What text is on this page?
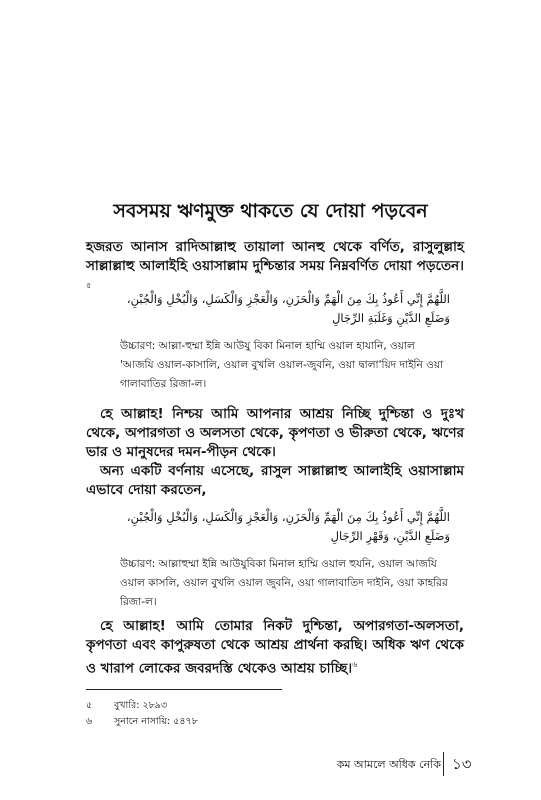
সবসময় ঋণমুক্ত থাকতে যে দোয়া পড়বেন

হজরত আনাস রাদিআল্লাহু তায়ালা আনহু থেকে বর্ণিত, রাসুলুল্লাহ সাল্লাল্লাহু আলাইহি ওয়াসাল্লাম দুশ্চিন্তার সময় নিম্নবর্ণিত দোয়া পড়তেন।$^৫$

اللَّهُمَّ إِنِّي أَعُوذُ بِكَ مِنَ الْهَمِّ وَالْحَزَنِ، وَالْعَجْزِ وَالْكَسَلِ، وَالْبُخْلِ وَالْجُبْنِ،

وَضَلَعِ الدَّيْنِ وَغَلَبَةِ الرِّجَالِ

উচ্চারণ: আল্লা-হুম্মা ইন্নি আউযু বিকা মিনাল হাম্মি ওয়াল হাযানি, ওয়াল 'আজযি ওয়াল-কাসালি, ওয়াল বুখলি ওয়াল-জুবনি, ওয়া দ্বালা'য়িদ দাইনি ওয়া গালাবাতির রিজা-ল।

হে আল্লাহ! নিশ্চয় আমি আপনার আশ্রয় নিচ্ছি দুশ্চিন্তা ও দুঃখ থেকে, অপারগতা ও অলসতা থেকে, কৃপণতা ও ভীরুতা থেকে, ঋণের ভার ও মানুষদের দমন-পীড়ন থেকে।

অন্য একটি বর্ণনায় এসেছে, রাসুল সাল্লাল্লাহু আলাইহি ওয়াসাল্লাম এভাবে দোয়া করতেন,

اللَّهُمَّ إِنِّي أَعُوذُ بِكَ مِنَ الْهَمِّ وَالْحَزَنِ، وَالْعَجْزِ وَالْكَسَلِ، وَالْبُخْلِ وَالْجُبْنِ،

وَضَلَعِ الدَّيْنِ، وَقَهْرِ الرِّجَالِ

উচ্চারণ: আল্লাহুম্মা ইন্নি আউযুবিকা মিনাল হাম্মি ওয়াল হুযনি, ওয়াল আজযি ওয়াল কাসলি, ওয়াল বুখলি ওয়াল জুবনি, ওয়া গালাবাতিদ দাইনি, ওয়া কাহরির রিজা-ল।

হে আল্লাহ! আমি তোমার নিকট দুশ্চিন্তা, অপারগতা-অলসতা, কৃপণতা এবং কাপুরুষতা থেকে আশ্রয় প্রার্থনা করছি। অধিক ঋণ থেকে ও খারাপ লোকের জবরদস্তি থেকেও আশ্রয় চাচ্ছি।$^৬$

৫ বুখারি: ২৮৯৩
৬ সুনানে নাসায়ি: ৫৪৭৮
কম আমলে অধিক নেকি ১৩
